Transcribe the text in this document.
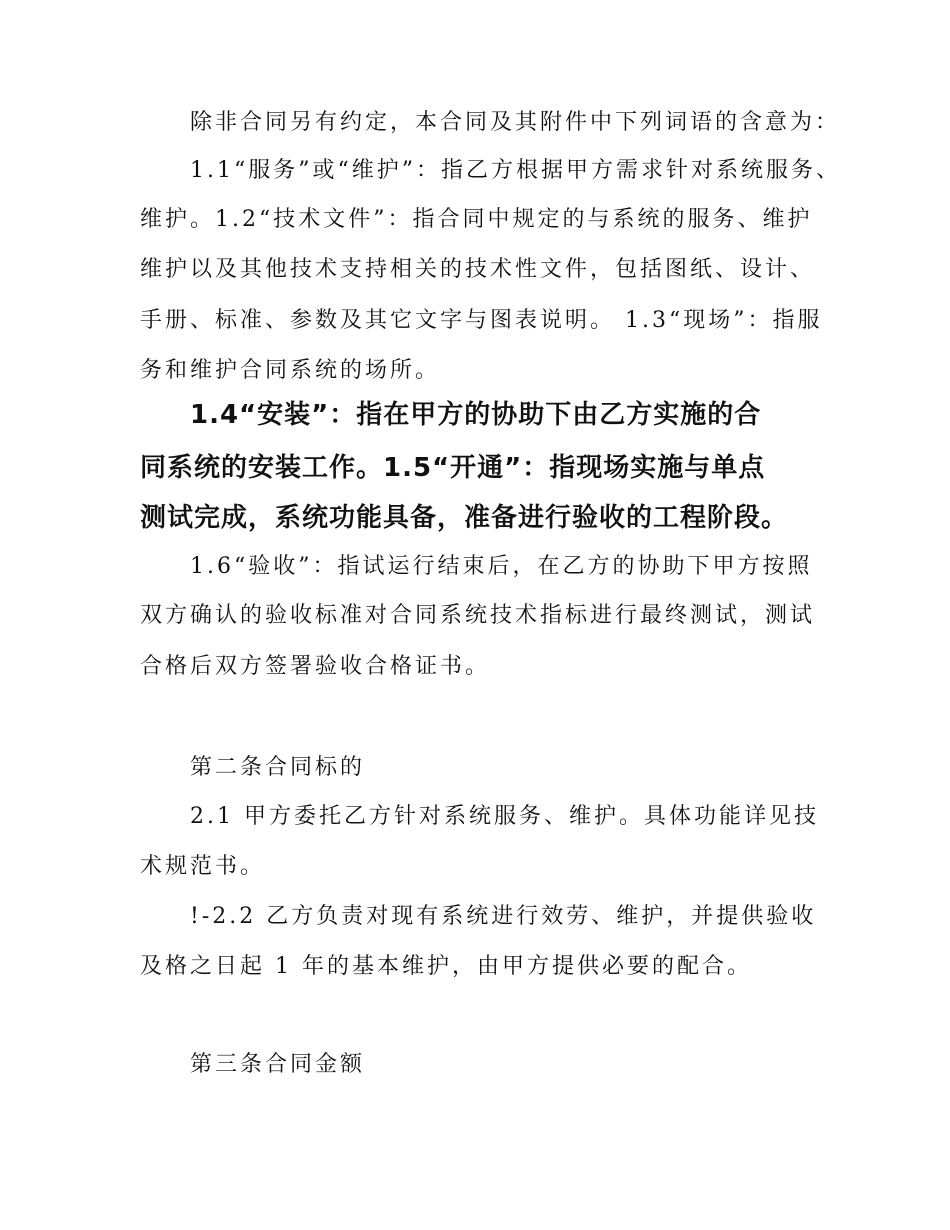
除非合同另有约定，本合同及其附件中下列词语的含意为：
1.1“服务”或“维护”：指乙方根据甲方需求针对系统服务、
维护。1.2“技术文件”：指合同中规定的与系统的服务、维护
维护以及其他技术支持相关的技术性文件，包括图纸、设计、
手册、标准、参数及其它文字与图表说明。 1.3“现场”：指服
务和维护合同系统的场所。
1.4“安装”：指在甲方的协助下由乙方实施的合
同系统的安装工作。1.5“开通”：指现场实施与单点
测试完成，系统功能具备，准备进行验收的工程阶段。
1.6“验收”：指试运行结束后，在乙方的协助下甲方按照
双方确认的验收标准对合同系统技术指标进行最终测试，测试
合格后双方签署验收合格证书。
第二条合同标的
2.1 甲方委托乙方针对系统服务、维护。具体功能详见技
术规范书。
!-2.2 乙方负责对现有系统进行效劳、维护，并提供验收
及格之日起 1 年的基本维护，由甲方提供必要的配合。
第三条合同金额
